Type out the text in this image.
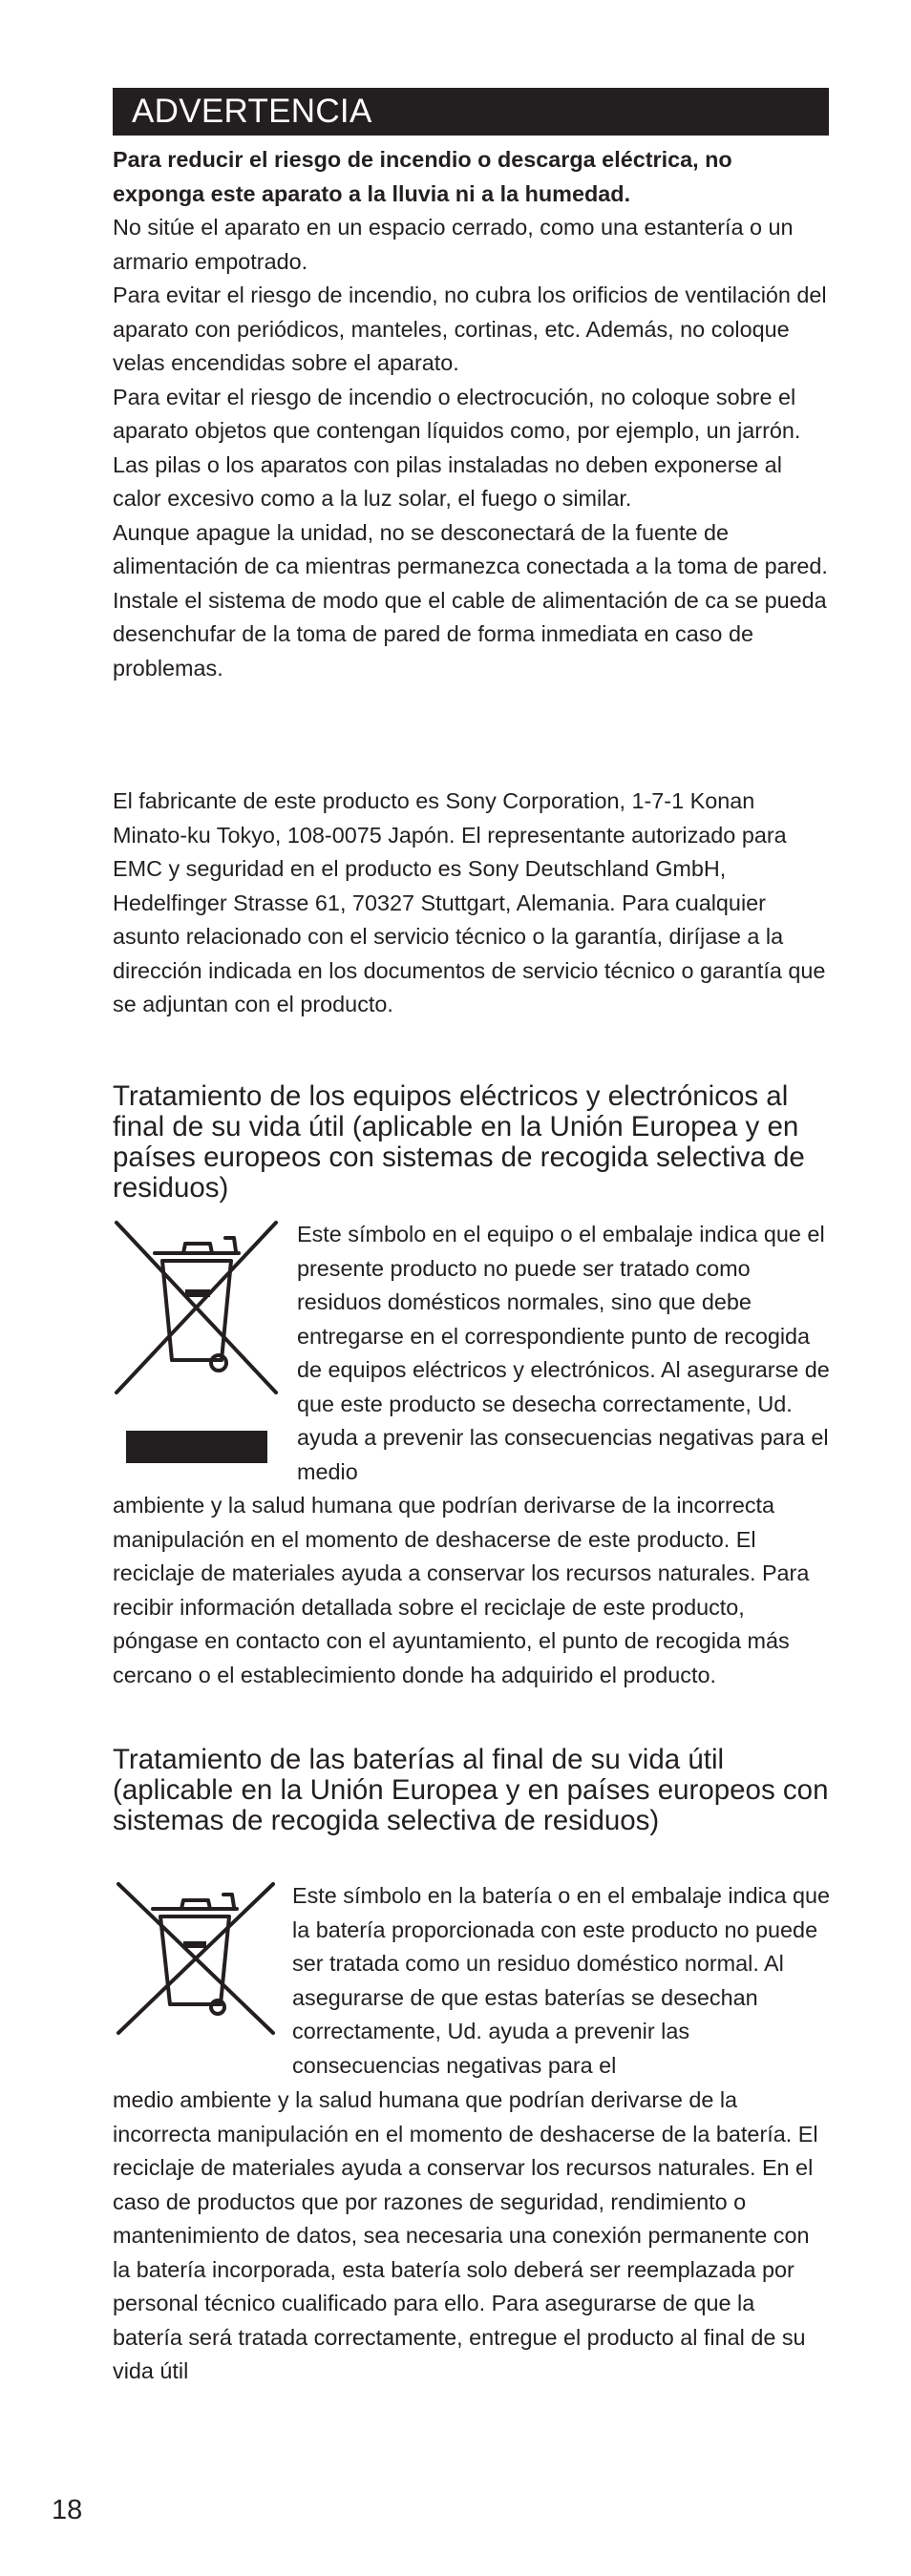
ADVERTENCIA

Para reducir el riesgo de incendio o descarga eléctrica, no exponga este aparato a la lluvia ni a la humedad.

No sitúe el aparato en un espacio cerrado, como una estantería o un armario empotrado.

Para evitar el riesgo de incendio, no cubra los orificios de ventilación del aparato con periódicos, manteles, cortinas, etc. Además, no coloque velas encendidas sobre el aparato.

Para evitar el riesgo de incendio o electrocución, no coloque sobre el aparato objetos que contengan líquidos como, por ejemplo, un jarrón.

Las pilas o los aparatos con pilas instaladas no deben exponerse al calor excesivo como a la luz solar, el fuego o similar.

Aunque apague la unidad, no se desconectará de la fuente de alimentación de ca mientras permanezca conectada a la toma de pared.

Instale el sistema de modo que el cable de alimentación de ca se pueda desenchufar de la toma de pared de forma inmediata en caso de problemas.

El fabricante de este producto es Sony Corporation, 1-7-1 Konan Minato-ku Tokyo, 108-0075 Japón. El representante autorizado para EMC y seguridad en el producto es Sony Deutschland GmbH, Hedelfinger Strasse 61, 70327 Stuttgart, Alemania. Para cualquier asunto relacionado con el servicio técnico o la garantía, diríjase a la dirección indicada en los documentos de servicio técnico o garantía que se adjuntan con el producto.

Tratamiento de los equipos eléctricos y electrónicos al final de su vida útil (aplicable en la Unión Europea y en países europeos con sistemas de recogida selectiva de residuos)

Este símbolo en el equipo o el embalaje indica que el presente producto no puede ser tratado como residuos domésticos normales, sino que debe entregarse en el correspondiente punto de recogida de equipos eléctricos y electrónicos. Al asegurarse de que este producto se desecha correctamente, Ud. ayuda a prevenir las consecuencias negativas para el medio

ambiente y la salud humana que podrían derivarse de la incorrecta manipulación en el momento de deshacerse de este producto. El reciclaje de materiales ayuda a conservar los recursos naturales. Para recibir información detallada sobre el reciclaje de este producto, póngase en contacto con el ayuntamiento, el punto de recogida más cercano o el establecimiento donde ha adquirido el producto.

Tratamiento de las baterías al final de su vida útil (aplicable en la Unión Europea y en países europeos con sistemas de recogida selectiva de residuos)

Este símbolo en la batería o en el embalaje indica que la batería proporcionada con este producto no puede ser tratada como un residuo doméstico normal. Al asegurarse de que estas baterías se desechan correctamente, Ud. ayuda a prevenir las consecuencias negativas para el

medio ambiente y la salud humana que podrían derivarse de la incorrecta manipulación en el momento de deshacerse de la batería. El reciclaje de materiales ayuda a conservar los recursos naturales. En el caso de productos que por razones de seguridad, rendimiento o mantenimiento de datos, sea necesaria una conexión permanente con la batería incorporada, esta batería solo deberá ser reemplazada por personal técnico cualificado para ello. Para asegurarse de que la batería será tratada correctamente, entregue el producto al final de su vida útil

18
